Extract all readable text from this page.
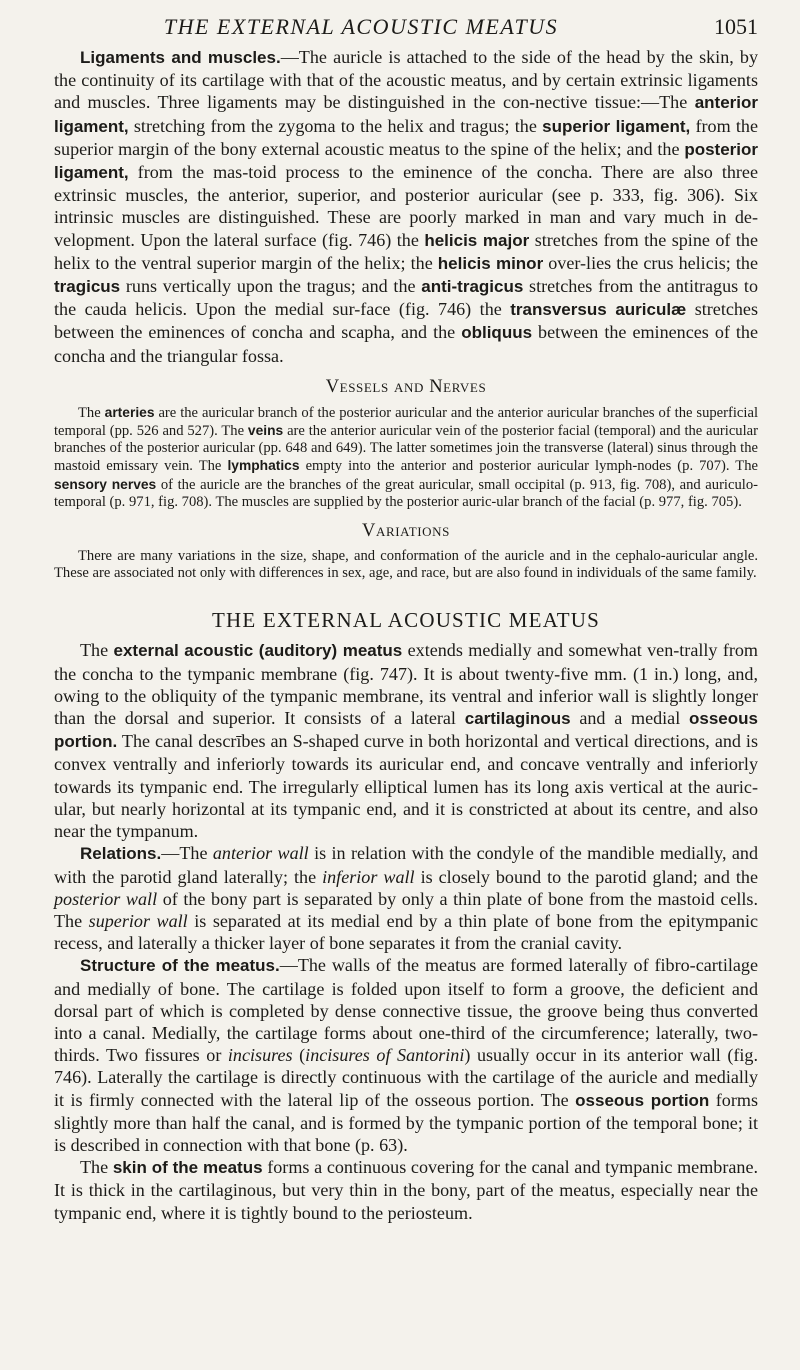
THE EXTERNAL ACOUSTIC MEATUS	1051

Ligaments and muscles.—The auricle is attached to the side of the head by the skin, by the continuity of its cartilage with that of the acoustic meatus, and by certain extrinsic ligaments and muscles. Three ligaments may be distinguished in the con-nective tissue:—The anterior ligament, stretching from the zygoma to the helix and tragus; the superior ligament, from the superior margin of the bony external acoustic meatus to the spine of the helix; and the posterior ligament, from the mas-toid process to the eminence of the concha. There are also three extrinsic muscles, the anterior, superior, and posterior auricular (see p. 333, fig. 306). Six intrinsic muscles are distinguished. These are poorly marked in man and vary much in de-velopment. Upon the lateral surface (fig. 746) the helicis major stretches from the spine of the helix to the ventral superior margin of the helix; the helicis minor over-lies the crus helicis; the tragicus runs vertically upon the tragus; and the anti-tragicus stretches from the antitragus to the cauda helicis. Upon the medial sur-face (fig. 746) the transversus auriculæ stretches between the eminences of concha and scapha, and the obliquus between the eminences of the concha and the triangular fossa.

Vessels and Nerves

The arteries are the auricular branch of the posterior auricular and the anterior auricular branches of the superficial temporal (pp. 526 and 527). The veins are the anterior auricular vein of the posterior facial (temporal) and the auricular branches of the posterior auricular (pp. 648 and 649). The latter sometimes join the transverse (lateral) sinus through the mastoid emissary vein. The lymphatics empty into the anterior and posterior auricular lymph-nodes (p. 707). The sensory nerves of the auricle are the branches of the great auricular, small occipital (p. 913, fig. 708), and auriculo-temporal (p. 971, fig. 708). The muscles are supplied by the posterior auric-ular branch of the facial (p. 977, fig. 705).

Variations

There are many variations in the size, shape, and conformation of the auricle and in the cephalo-auricular angle. These are associated not only with differences in sex, age, and race, but are also found in individuals of the same family.

THE EXTERNAL ACOUSTIC MEATUS

The external acoustic (auditory) meatus extends medially and somewhat ven-trally from the concha to the tympanic membrane (fig. 747). It is about twenty-five mm. (1 in.) long, and, owing to the obliquity of the tympanic membrane, its ventral and inferior wall is slightly longer than the dorsal and superior. It consists of a lateral cartilaginous and a medial osseous portion. The canal descrībes an S-shaped curve in both horizontal and vertical directions, and is convex ventrally and inferiorly towards its auricular end, and concave ventrally and inferiorly towards its tympanic end. The irregularly elliptical lumen has its long axis vertical at the auric-ular, but nearly horizontal at its tympanic end, and it is constricted at about its centre, and also near the tympanum.

Relations.—The anterior wall is in relation with the condyle of the mandible medially, and with the parotid gland laterally; the inferior wall is closely bound to the parotid gland; and the posterior wall of the bony part is separated by only a thin plate of bone from the mastoid cells. The superior wall is separated at its medial end by a thin plate of bone from the epitympanic recess, and laterally a thicker layer of bone separates it from the cranial cavity.

Structure of the meatus.—The walls of the meatus are formed laterally of fibro-cartilage and medially of bone. The cartilage is folded upon itself to form a groove, the deficient and dorsal part of which is completed by dense connective tissue, the groove being thus converted into a canal. Medially, the cartilage forms about one-third of the circumference; laterally, two-thirds. Two fissures or incisures (incisures of Santorini) usually occur in its anterior wall (fig. 746). Laterally the cartilage is directly continuous with the cartilage of the auricle and medially it is firmly connected with the lateral lip of the osseous portion. The osseous portion forms slightly more than half the canal, and is formed by the tympanic portion of the temporal bone; it is described in connection with that bone (p. 63).

The skin of the meatus forms a continuous covering for the canal and tympanic membrane. It is thick in the cartilaginous, but very thin in the bony, part of the meatus, especially near the tympanic end, where it is tightly bound to the periosteum.
